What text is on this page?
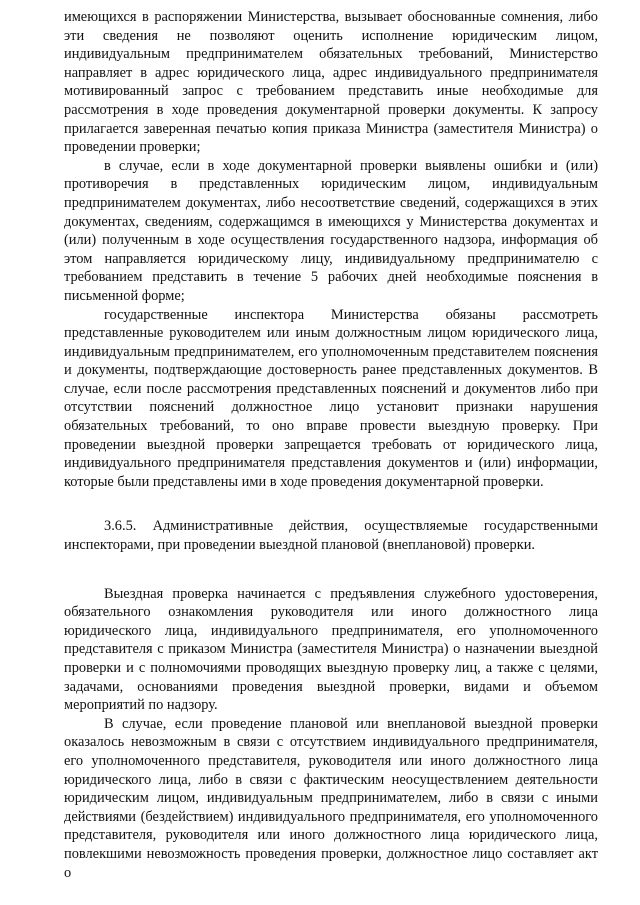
имеющихся в распоряжении Министерства, вызывает обоснованные сомнения, либо эти сведения не позволяют оценить исполнение юридическим лицом, индивидуальным предпринимателем обязательных требований, Министерство направляет в адрес юридического лица, адрес индивидуального предпринимателя мотивированный запрос с требованием представить иные необходимые для рассмотрения в ходе проведения документарной проверки документы. К запросу прилагается заверенная печатью копия приказа Министра (заместителя Министра) о проведении проверки;

в случае, если в ходе документарной проверки выявлены ошибки и (или) противоречия в представленных юридическим лицом, индивидуальным предпринимателем документах, либо несоответствие сведений, содержащихся в этих документах, сведениям, содержащимся в имеющихся у Министерства документах и (или) полученным в ходе осуществления государственного надзора, информация об этом направляется юридическому лицу, индивидуальному предпринимателю с требованием представить в течение 5 рабочих дней необходимые пояснения в письменной форме;

государственные инспектора Министерства обязаны рассмотреть представленные руководителем или иным должностным лицом юридического лица, индивидуальным предпринимателем, его уполномоченным представителем пояснения и документы, подтверждающие достоверность ранее представленных документов. В случае, если после рассмотрения представленных пояснений и документов либо при отсутствии пояснений должностное лицо установит признаки нарушения обязательных требований, то оно вправе провести выездную проверку. При проведении выездной проверки запрещается требовать от юридического лица, индивидуального предпринимателя представления документов и (или) информации, которые были представлены ими в ходе проведения документарной проверки.

3.6.5. Административные действия, осуществляемые государственными инспекторами, при проведении выездной плановой (внеплановой) проверки.

Выездная проверка начинается с предъявления служебного удостоверения, обязательного ознакомления руководителя или иного должностного лица юридического лица, индивидуального предпринимателя, его уполномоченного представителя с приказом Министра (заместителя Министра) о назначении выездной проверки и с полномочиями проводящих выездную проверку лиц, а также с целями, задачами, основаниями проведения выездной проверки, видами и объемом мероприятий по надзору.

В случае, если проведение плановой или внеплановой выездной проверки оказалось невозможным в связи с отсутствием индивидуального предпринимателя, его уполномоченного представителя, руководителя или иного должностного лица юридического лица, либо в связи с фактическим неосуществлением деятельности юридическим лицом, индивидуальным предпринимателем, либо в связи с иными действиями (бездействием) индивидуального предпринимателя, его уполномоченного представителя, руководителя или иного должностного лица юридического лица, повлекшими невозможность проведения проверки, должностное лицо составляет акт о
